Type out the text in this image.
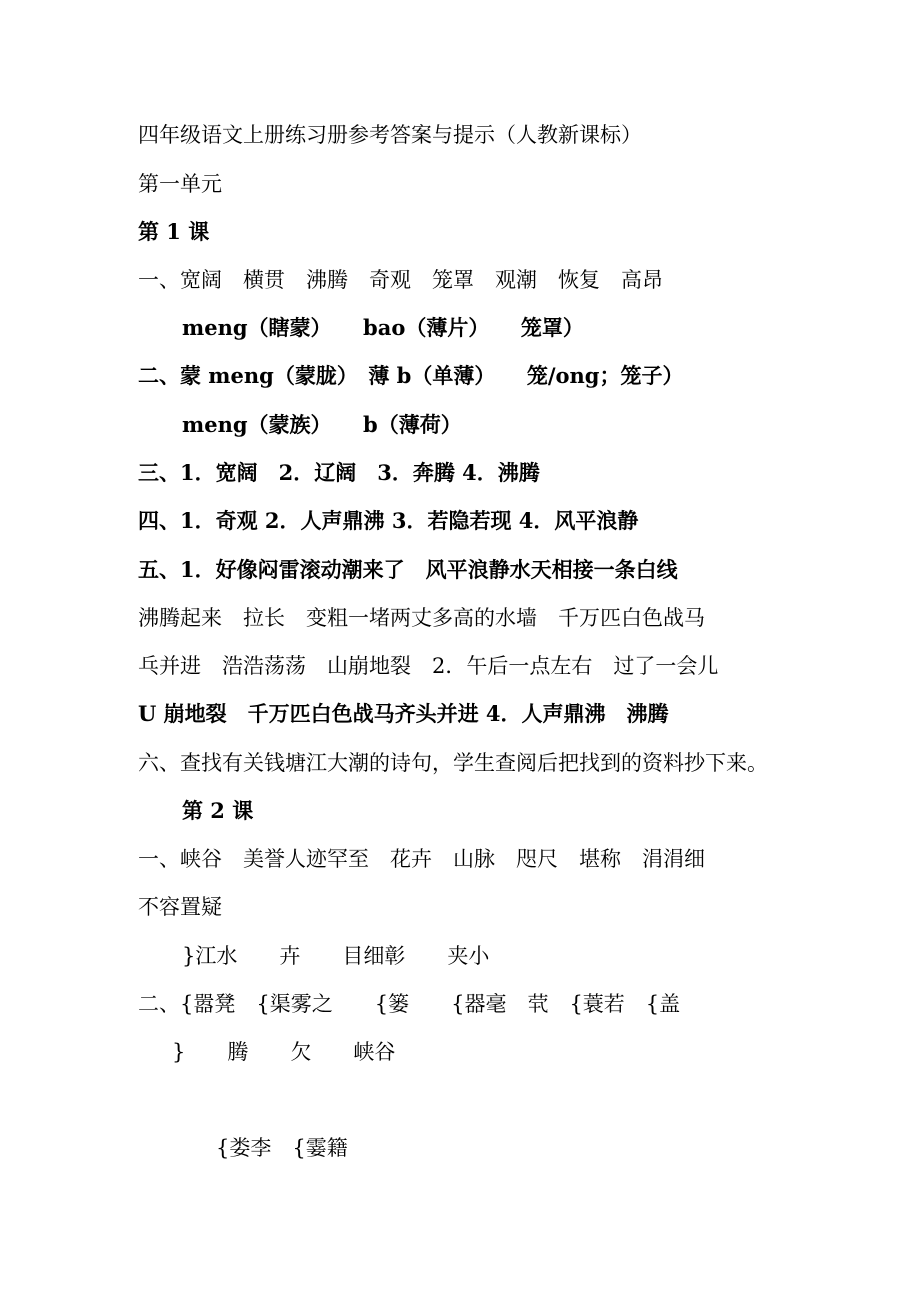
四年级语文上册练习册参考答案与提示（人教新课标）
第一单元
第 1 课
一、宽阔　横贯　沸腾　奇观　笼罩　观潮　恢复　高昂
meng（瞎蒙）　　bao（薄片）　　笼罩）
二、蒙 meng（蒙胧）　薄 b（单薄）　　笼/ong；笼子）
meng（蒙族）　　b（薄荷）
三、1．宽阔　2．辽阔　3．奔腾 4．沸腾
四、1．奇观 2．人声鼎沸 3．若隐若现 4．风平浪静
五、1．好像闷雷滚动潮来了　风平浪静水天相接一条白线
沸腾起来　拉长　变粗一堵两丈多高的水墙　千万匹白色战马
乓并进　浩浩荡荡　山崩地裂　2．午后一点左右　过了一会儿
U 崩地裂　千万匹白色战马齐头并进 4．人声鼎沸　沸腾
六、查找有关钱塘江大潮的诗句，学生查阅后把找到的资料抄下来。
第 2 课
一、峡谷　美誉人迹罕至　花卉　山脉　咫尺　堪称　涓涓细
不容置疑
}江水　　卉　　目细彰　　夹小
二、{嚣凳　{渠雾之　　{篓　　{器毫　茕　{蓑若　{盖
}　　腾　　欠　　峡谷
{娄李　{霎籍
